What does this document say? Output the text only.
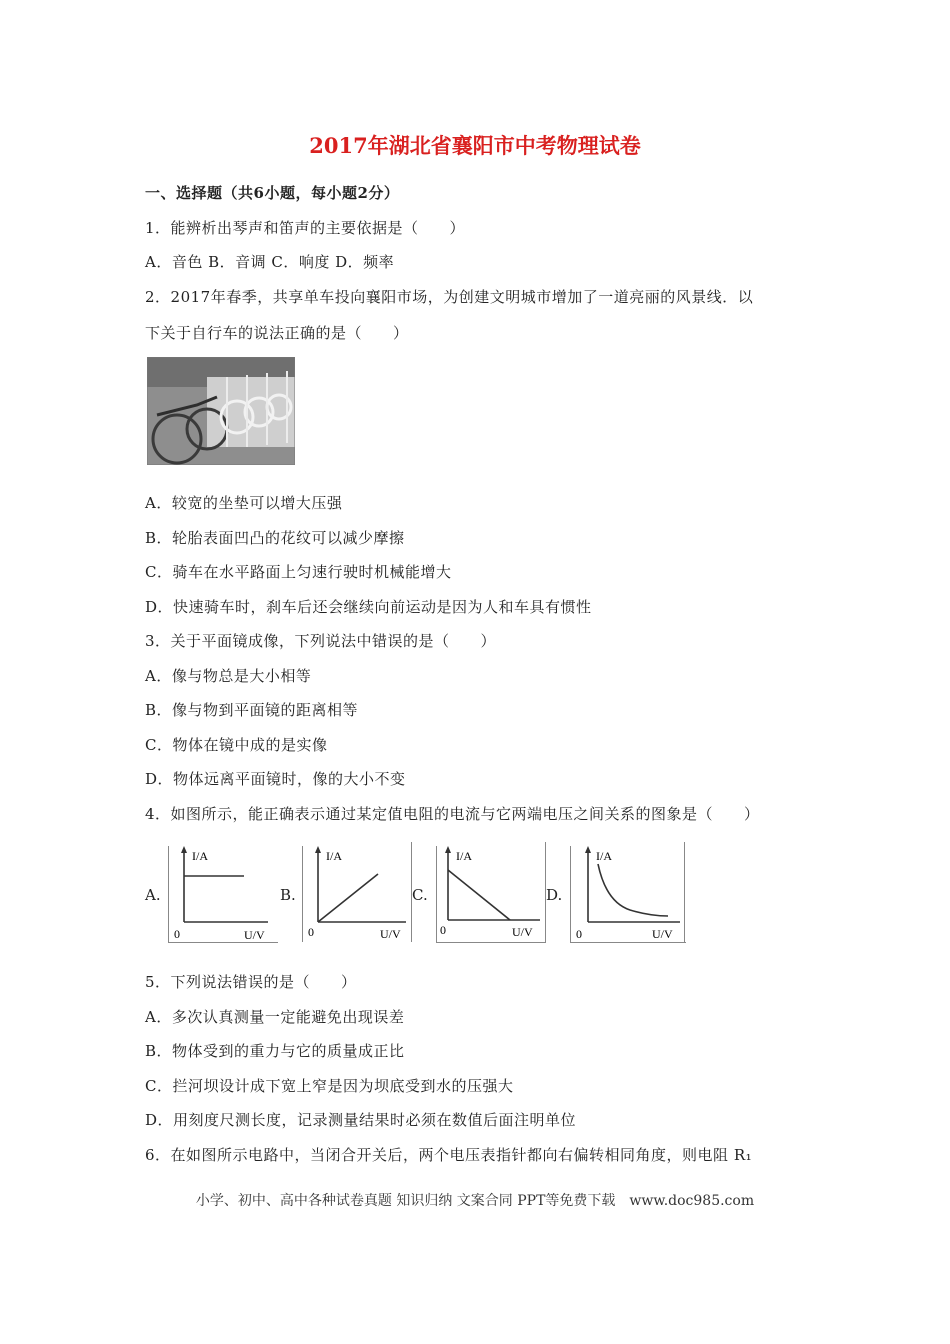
2017年湖北省襄阳市中考物理试卷
一、选择题（共6小题，每小题2分）
1．能辨析出琴声和笛声的主要依据是（　　）
A．音色 B．音调 C．响度 D．频率
2．2017年春季，共享单车投向襄阳市场，为创建文明城市增加了一道亮丽的风景线．以
下关于自行车的说法正确的是（　　）
A．较宽的坐垫可以增大压强
B．轮胎表面凹凸的花纹可以减少摩擦
C．骑车在水平路面上匀速行驶时机械能增大
D．快速骑车时，刹车后还会继续向前运动是因为人和车具有惯性
3．关于平面镜成像，下列说法中错误的是（　　）
A．像与物总是大小相等
B．像与物到平面镜的距离相等
C．物体在镜中成的是实像
D．物体远离平面镜时，像的大小不变
4．如图所示，能正确表示通过某定值电阻的电流与它两端电压之间关系的图象是（　　）
A.
I/A
0	U/V
B.
I/A
0	U/V
C.
I/A
0	U/V
D.
I/A
0	U/V
5．下列说法错误的是（　　）
A．多次认真测量一定能避免出现误差
B．物体受到的重力与它的质量成正比
C．拦河坝设计成下宽上窄是因为坝底受到水的压强大
D．用刻度尺测长度，记录测量结果时必须在数值后面注明单位
6．在如图所示电路中，当闭合开关后，两个电压表指针都向右偏转相同角度，则电阻 R₁
小学、初中、高中各种试卷真题 知识归纳 文案合同 PPT等免费下载　www.doc985.com
